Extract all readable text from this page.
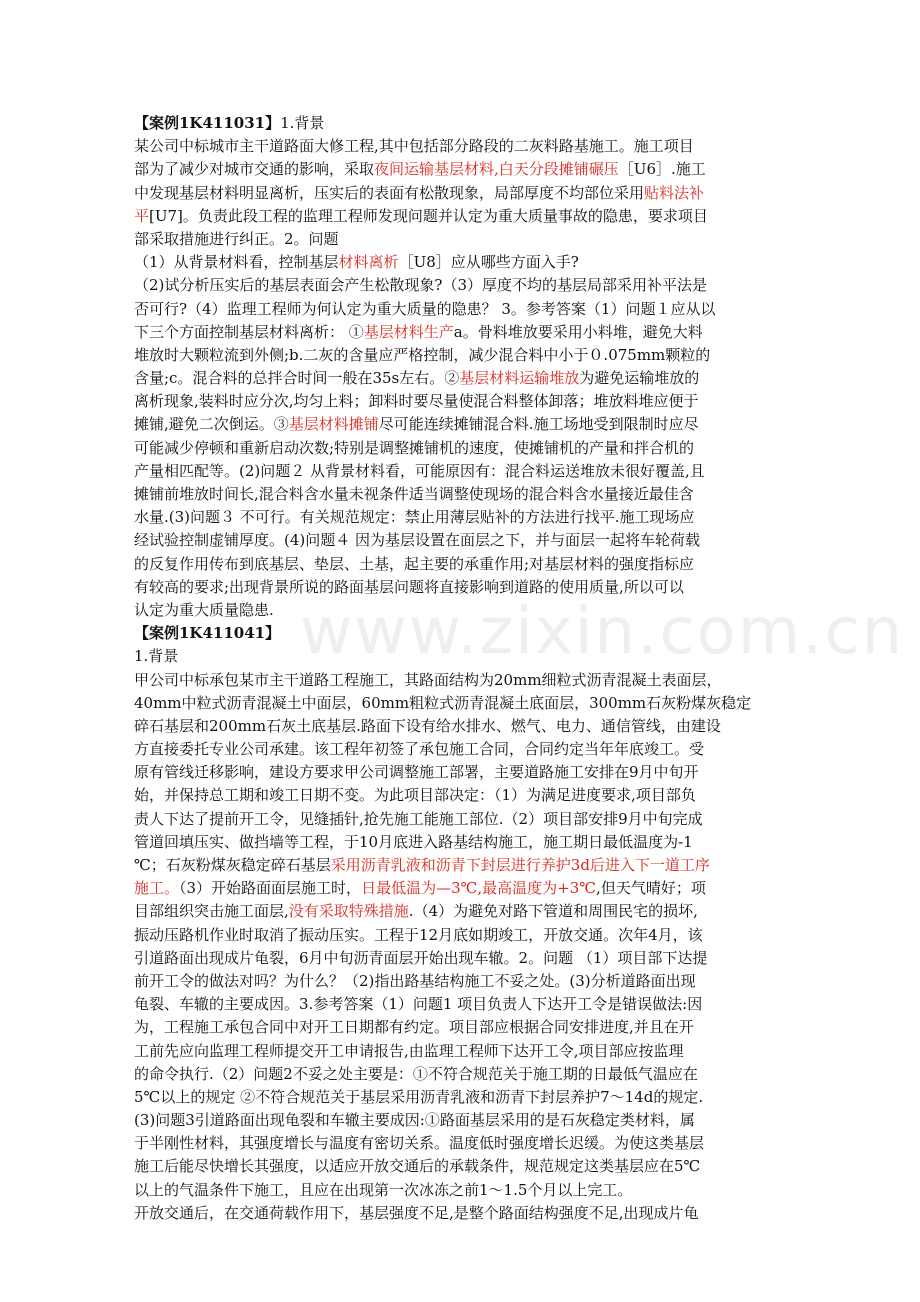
www.zixin.com.cn
【案例1K411031】1.背景
某公司中标城市主干道路面大修工程,其中包括部分路段的二灰料路基施工。施工项目
部为了减少对城市交通的影响，采取夜间运输基层材料,白天分段摊铺碾压［U6］.施工
中发现基层材料明显离析，压实后的表面有松散现象，局部厚度不均部位采用贴料法补
平[U7]。负责此段工程的监理工程师发现问题并认定为重大质量事故的隐患，要求项目
部采取措施进行纠正。2。问题
（1）从背景材料看，控制基层材料离析［U8］应从哪些方面入手?
（2)试分析压实后的基层表面会产生松散现象?（3）厚度不均的基层局部采用补平法是
否可行?（4）监理工程师为何认定为重大质量的隐患？ 3。参考答案（1）问题１应从以
下三个方面控制基层材料离析： ①基层材料生产a。骨料堆放要采用小料堆，避免大料
堆放时大颗粒流到外侧;b.二灰的含量应严格控制，减少混合料中小于０.075mm颗粒的
含量;c。混合料的总拌合时间一般在35s左右。②基层材料运输堆放为避免运输堆放的
离析现象,装料时应分次,均匀上料；卸料时要尽量使混合料整体卸落；堆放料堆应便于
摊铺,避免二次倒运。③基层材料摊铺尽可能连续摊铺混合料.施工场地受到限制时应尽
可能减少停顿和重新启动次数;特别是调整摊铺机的速度，使摊铺机的产量和拌合机的
产量相匹配等。(2)问题２ 从背景材料看，可能原因有：混合料运送堆放未很好覆盖,且
摊铺前堆放时间长,混合料含水量未视条件适当调整使现场的混合料含水量接近最佳含
水量.(3)问题３ 不可行。有关规范规定：禁止用薄层贴补的方法进行找平.施工现场应
经试验控制虚铺厚度。(4)问题４ 因为基层设置在面层之下，并与面层一起将车轮荷载
的反复作用传布到底基层、垫层、土基，起主要的承重作用;对基层材料的强度指标应
有较高的要求;出现背景所说的路面基层问题将直接影响到道路的使用质量,所以可以
认定为重大质量隐患.
【案例1K411041】
1.背景
甲公司中标承包某市主干道路工程施工，其路面结构为20mm细粒式沥青混凝土表面层，
40mm中粒式沥青混凝土中面层，60mm粗粒式沥青混凝土底面层，300mm石灰粉煤灰稳定
碎石基层和200mm石灰土底基层.路面下设有给水排水、燃气、电力、通信管线，由建设
方直接委托专业公司承建。该工程年初签了承包施工合同，合同约定当年年底竣工。受
原有管线迁移影响，建设方要求甲公司调整施工部署，主要道路施工安排在9月中旬开
始，并保持总工期和竣工日期不变。为此项目部决定：（1）为满足进度要求,项目部负
责人下达了提前开工令，见缝插针,抢先施工能施工部位.（2）项目部安排9月中旬完成
管道回填压实、做挡墙等工程，于10月底进入路基结构施工，施工期日最低温度为-1
℃；石灰粉煤灰稳定碎石基层采用沥青乳液和沥青下封层进行养护3d后进入下一道工序
施工。（3）开始路面面层施工时，日最低温为—3℃,最高温度为+3℃,但天气晴好；项
目部组织突击施工面层,没有采取特殊措施.（4）为避免对路下管道和周围民宅的损坏,
振动压路机作业时取消了振动压实。工程于12月底如期竣工，开放交通。次年4月，该
引道路面出现成片龟裂，6月中旬沥青面层开始出现车辙。2。问题 （1）项目部下达提
前开工令的做法对吗？为什么？（2)指出路基结构施工不妥之处。(3)分析道路面出现
龟裂、车辙的主要成因。3.参考答案（1）问题1 项目负责人下达开工令是错误做法:因
为，工程施工承包合同中对开工日期都有约定。项目部应根据合同安排进度,并且在开
工前先应向监理工程师提交开工申请报告,由监理工程师下达开工令,项目部应按监理
的命令执行.（2）问题2不妥之处主要是：①不符合规范关于施工期的日最低气温应在
5℃以上的规定 ②不符合规范关于基层采用沥青乳液和沥青下封层养护7～14d的规定.
(3)问题3引道路面出现龟裂和车辙主要成因:①路面基层采用的是石灰稳定类材料，属
于半刚性材料，其强度增长与温度有密切关系。温度低时强度增长迟缓。为使这类基层
施工后能尽快增长其强度，以适应开放交通后的承载条件，规范规定这类基层应在5℃
以上的气温条件下施工，且应在出现第一次冰冻之前1～1.5个月以上完工。
开放交通后，在交通荷载作用下，基层强度不足,是整个路面结构强度不足,出现成片龟
